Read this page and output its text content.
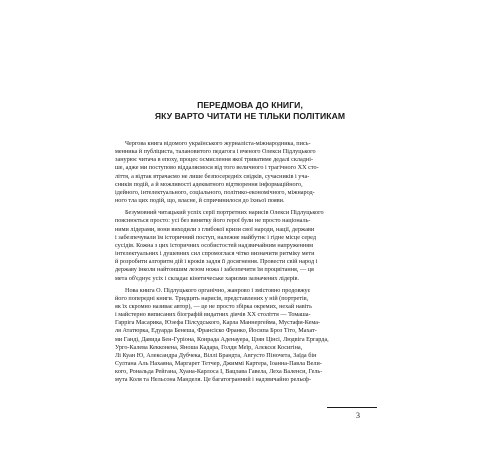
ПЕРЕДМОВА ДО КНИГИ,
ЯКУ ВАРТО ЧИТАТИ НЕ ТІЛЬКИ ПОЛІТИКАМ
Чергова книга відомого українського журналіста-міжнародника, пись-
менника й публіциста, талановитого педагога і вченого Олекси Підлуцького
занурює читача в епоху, процес осмислення якої триватиме дедалі складні-
ше, адже ми поступово віддаляємося від того величного і трагічного XX сто-
ліття, а відтак втрачаємо не лише безпосередніх свідків, сучасників і уча-
сників подій, а й можливості адекватного відтворення інформаційного,
ідейного, інтелектуального, соціального, політико-економічного, міжнарод-
ного тла цих подій, що, власне, й спричинилося до їхньої появи.
Безумовний читацький успіх серії портретних нарисів Олекси Підлуцького
пояснюється просто: усі без винятку його герої були не просто національ-
ними лідерами, вони виходили з глибокої кризи свої народи, нації, держави
і забезпечували їм історичний поступ, належне майбутнє і гідне місце серед
сусідів. Кожна з цих історичних особистостей надзвичайним напруженням
інтелектуальних і душевних сил спромоглася чітко визначити ритміку мети
й розробити алгоритм дій і кроків задля її досягнення. Провести свій народ і
державу інколи найтоншим лезом ножа і забезпечити їм процвітання, — ця
мета об'єднує усіх і складає кінетичеське харизми зазначених лідерів.
Нова книга О. Підлуцького органічно, жанрово і змістовно продовжує
його попередні книги. Тридцять нарисів, представлених у ній (портретів,
як їх скромно називає автор), — це не просто збірка окремих, нехай навіть
і майстерно виписаних біографій видатних діячів XX століття — Томаша-
Гарріга Масарика, Юзефа Пілсудського, Карла Маннергейма, Мустафи-Кема-
ля Ататюрка, Едуарда Бенеша, Франсіско Франко, Йосипа Броз Тіто, Махат-
ми Ганді, Давида Бен-Гуріона, Конрада Аденауера, Цзян Цінсі, Людвіга Ергарда,
Урго-Калева Кекконена, Яноша Кадара, Голди Меїр, Алєксєя Косигіна,
Лі Куан Ю, Александра Дубчека, Віллі Брандта, Августо Піночета, Заїда бін
Султана Аль Нахаяна, Маргарет Тетчер, Джиммі Картера, Іоанна-Павла Вели-
кого, Рональда Рейгана, Хуана-Карлоса І, Вацлава Гавела, Леха Валенси, Гель-
мута Коля та Нельсона Манделя. Це багатогранний і надзвичайно рельєф-
3
